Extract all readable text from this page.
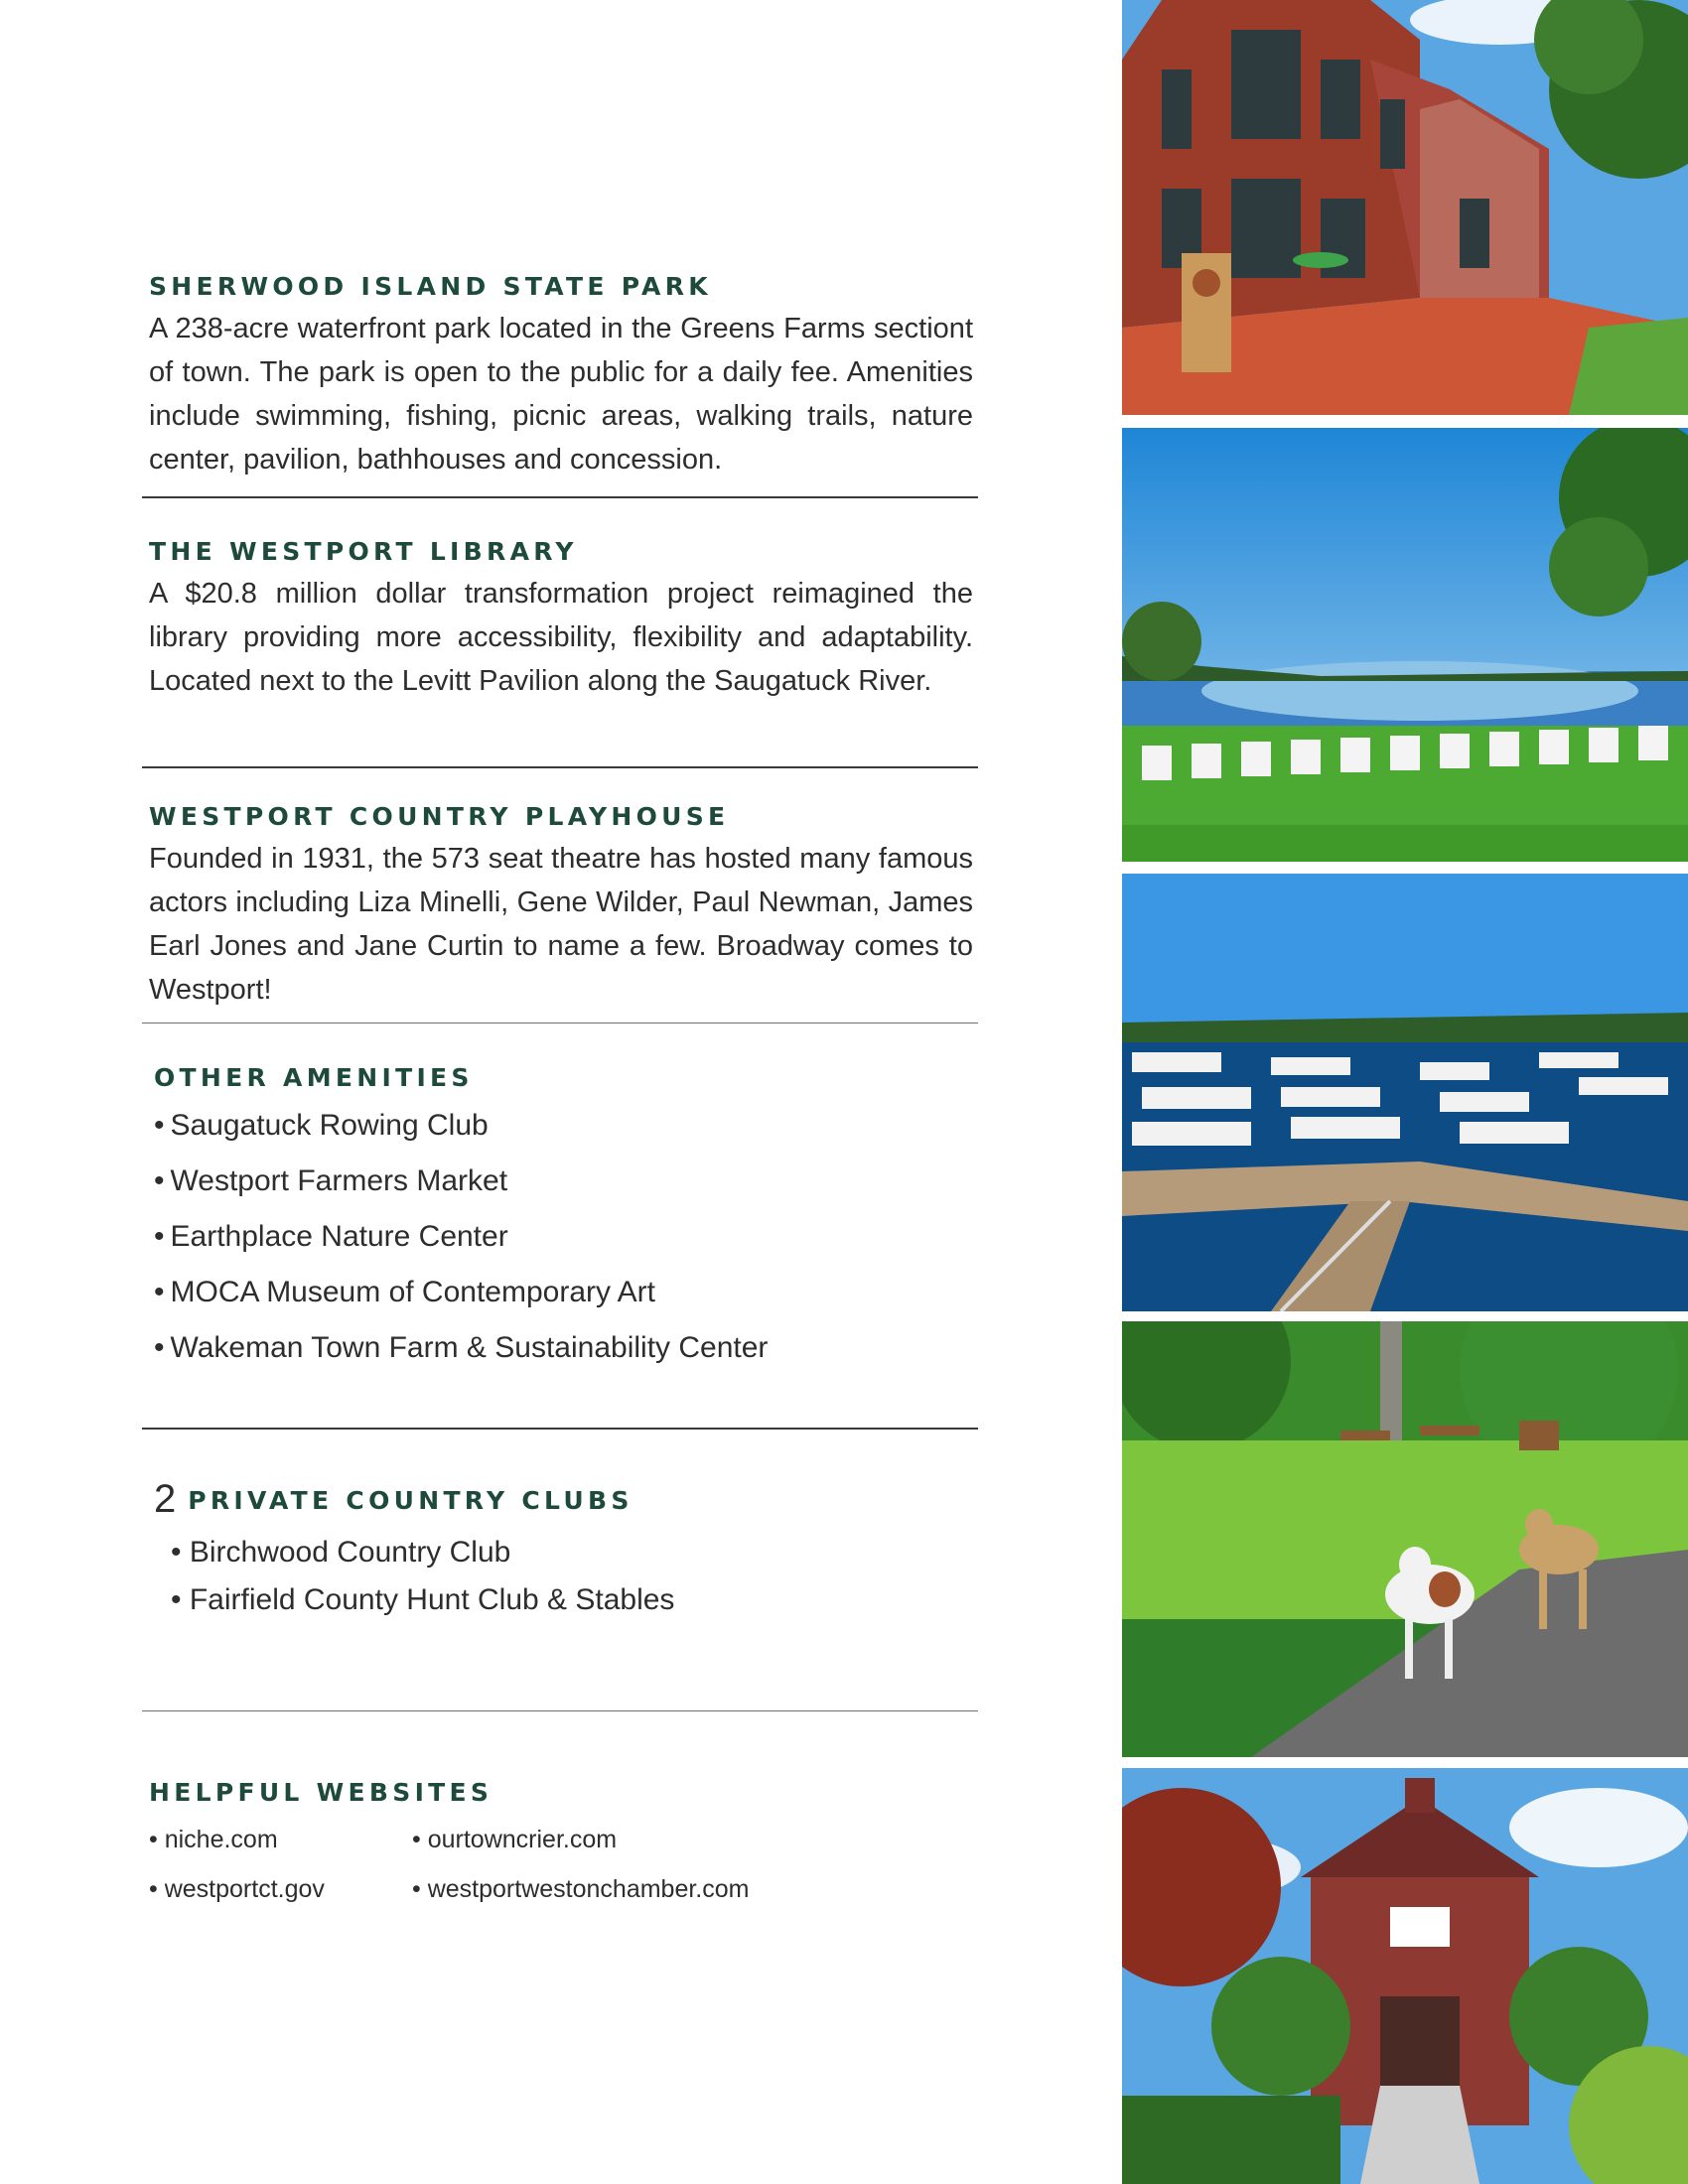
SHERWOOD ISLAND STATE PARK

A 238-acre waterfront park located in the Greens Farms sectiont of town. The park is open to the public for a daily fee. Amenities include swimming, fishing, picnic areas, walking trails, nature center, pavilion, bathhouses and concession.

THE WESTPORT LIBRARY

A $20.8 million dollar transformation project reimagined the library providing more accessibility, flexibility and adaptability. Located next to the Levitt Pavilion along the Saugatuck River.

WESTPORT COUNTRY PLAYHOUSE

Founded in 1931, the 573 seat theatre has hosted many famous actors including Liza Minelli, Gene Wilder, Paul Newman, James Earl Jones and Jane Curtin to name a few. Broadway comes to Westport!

OTHER AMENITIES
• Saugatuck Rowing Club
• Westport Farmers Market
• Earthplace Nature Center
• MOCA Museum of Contemporary Art
• Wakeman Town Farm & Sustainability Center
2 PRIVATE COUNTRY CLUBS
• Birchwood Country Club
• Fairfield County Hunt Club & Stables
HELPFUL WEBSITES
• niche.com	• ourtowncrier.com
• westportct.gov	• westportwestonchamber.com
